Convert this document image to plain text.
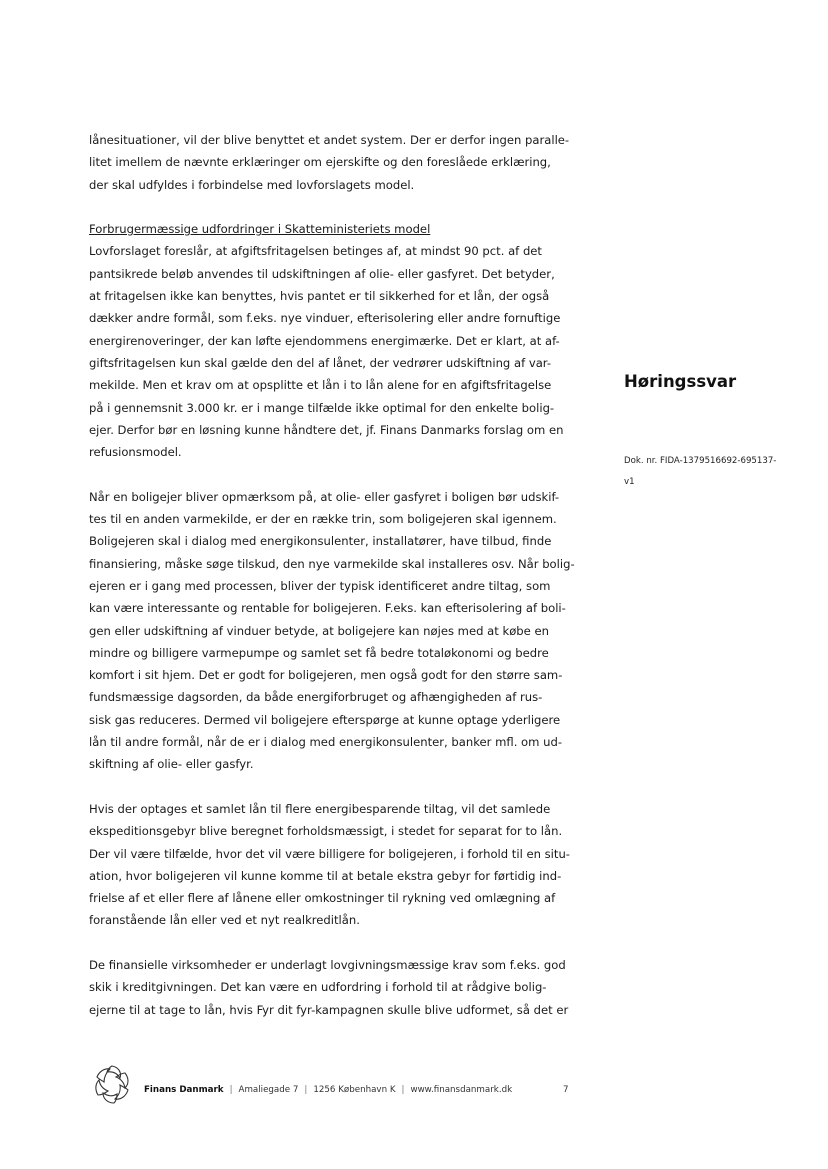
lånesituationer, vil der blive benyttet et andet system. Der er derfor ingen paralle-
litet imellem de nævnte erklæringer om ejerskifte og den foreslåede erklæring,
der skal udfyldes i forbindelse med lovforslagets model.
Forbrugermæssige udfordringer i Skatteministeriets model
Lovforslaget foreslår, at afgiftsfritagelsen betinges af, at mindst 90 pct. af det
pantsikrede beløb anvendes til udskiftningen af olie- eller gasfyret. Det betyder,
at fritagelsen ikke kan benyttes, hvis pantet er til sikkerhed for et lån, der også
dækker andre formål, som f.eks. nye vinduer, efterisolering eller andre fornuftige
energirenoveringer, der kan løfte ejendommens energimærke. Det er klart, at af-
giftsfritagelsen kun skal gælde den del af lånet, der vedrører udskiftning af var-
mekilde. Men et krav om at opsplitte et lån i to lån alene for en afgiftsfritagelse
på i gennemsnit 3.000 kr. er i mange tilfælde ikke optimal for den enkelte bolig-
ejer. Derfor bør en løsning kunne håndtere det, jf. Finans Danmarks forslag om en
refusionsmodel.
Når en boligejer bliver opmærksom på, at olie- eller gasfyret i boligen bør udskif-
tes til en anden varmekilde, er der en række trin, som boligejeren skal igennem.
Boligejeren skal i dialog med energikonsulenter, installatører, have tilbud, finde
finansiering, måske søge tilskud, den nye varmekilde skal installeres osv. Når bolig-
ejeren er i gang med processen, bliver der typisk identificeret andre tiltag, som
kan være interessante og rentable for boligejeren. F.eks. kan efterisolering af boli-
gen eller udskiftning af vinduer betyde, at boligejere kan nøjes med at købe en
mindre og billigere varmepumpe og samlet set få bedre totaløkonomi og bedre
komfort i sit hjem. Det er godt for boligejeren, men også godt for den større sam-
fundsmæssige dagsorden, da både energiforbruget og afhængigheden af rus-
sisk gas reduceres. Dermed vil boligejere efterspørge at kunne optage yderligere
lån til andre formål, når de er i dialog med energikonsulenter, banker mfl. om ud-
skiftning af olie- eller gasfyr.
Hvis der optages et samlet lån til flere energibesparende tiltag, vil det samlede
ekspeditionsgebyr blive beregnet forholdsmæssigt, i stedet for separat for to lån.
Der vil være tilfælde, hvor det vil være billigere for boligejeren, i forhold til en situ-
ation, hvor boligejeren vil kunne komme til at betale ekstra gebyr for førtidig ind-
frielse af et eller flere af lånene eller omkostninger til rykning ved omlægning af
foranstående lån eller ved et nyt realkreditlån.
De finansielle virksomheder er underlagt lovgivningsmæssige krav som f.eks. god
skik i kreditgivningen. Det kan være en udfordring i forhold til at rådgive bolig-
ejerne til at tage to lån, hvis Fyr dit fyr-kampagnen skulle blive udformet, så det er
Høringssvar
Dok. nr. FIDA-1379516692-695137-
v1
Finans Danmark | Amaliegade 7 | 1256 København K | www.finansdanmark.dk	7
